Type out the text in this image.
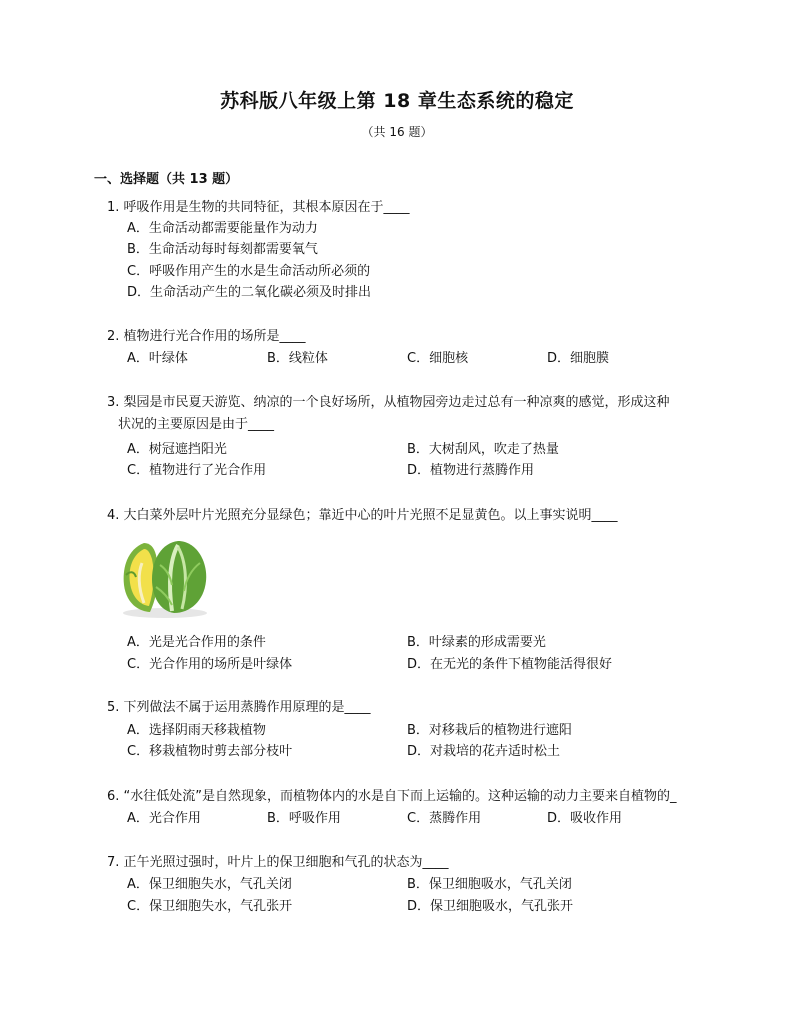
苏科版八年级上第 18 章生态系统的稳定
（共 16 题）
一、选择题（共 13 题）
1. 呼吸作用是生物的共同特征，其根本原因在于____
A．生命活动都需要能量作为动力
B．生命活动每时每刻都需要氧气
C．呼吸作用产生的水是生命活动所必须的
D．生命活动产生的二氧化碳必须及时排出
2. 植物进行光合作用的场所是____
A．叶绿体	B．线粒体	C．细胞核	D．细胞膜
3. 梨园是市民夏天游览、纳凉的一个良好场所，从植物园旁边走过总有一种凉爽的感觉，形成这种
状况的主要原因是由于____
A．树冠遮挡阳光	B．大树刮风，吹走了热量
C．植物进行了光合作用	D．植物进行蒸腾作用
4. 大白菜外层叶片光照充分显绿色；靠近中心的叶片光照不足显黄色。以上事实说明____
A．光是光合作用的条件	B．叶绿素的形成需要光
C．光合作用的场所是叶绿体	D．在无光的条件下植物能活得很好
5. 下列做法不属于运用蒸腾作用原理的是____
A．选择阴雨天移栽植物	B．对移栽后的植物进行遮阳
C．移栽植物时剪去部分枝叶	D．对栽培的花卉适时松土
6. “水往低处流”是自然现象，而植物体内的水是自下而上运输的。这种运输的动力主要来自植物的_
A．光合作用	B．呼吸作用	C．蒸腾作用	D．吸收作用
7. 正午光照过强时，叶片上的保卫细胞和气孔的状态为____
A．保卫细胞失水，气孔关闭	B．保卫细胞吸水，气孔关闭
C．保卫细胞失水，气孔张开	D．保卫细胞吸水，气孔张开
